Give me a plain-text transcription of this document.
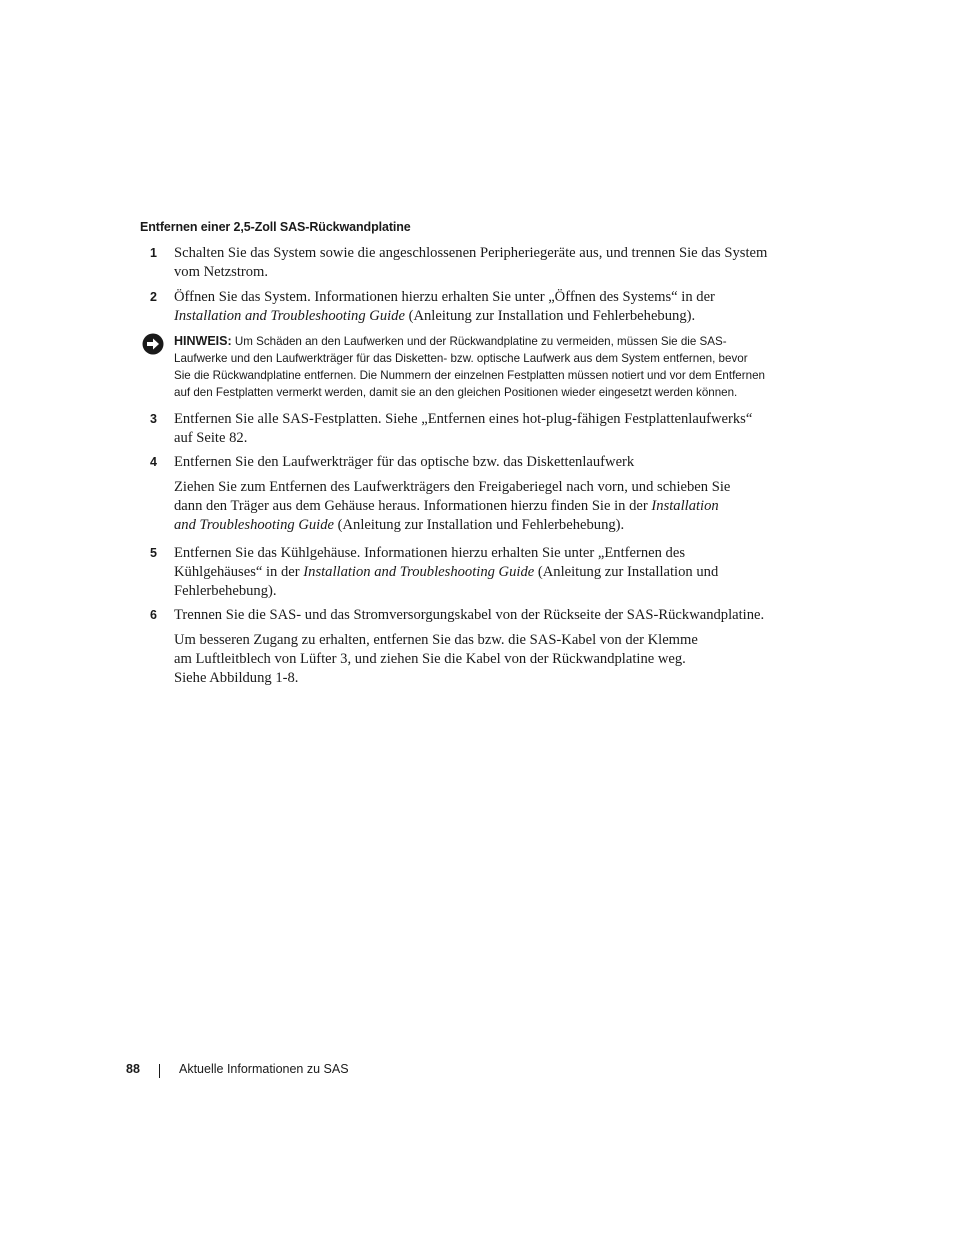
Entfernen einer 2,5-Zoll SAS-Rückwandplatine
1 Schalten Sie das System sowie die angeschlossenen Peripheriegeräte aus, und trennen Sie das System
vom Netzstrom.
2 Öffnen Sie das System. Informationen hierzu erhalten Sie unter „Öffnen des Systems“ in der
Installation and Troubleshooting Guide (Anleitung zur Installation und Fehlerbehebung).
HINWEIS: Um Schäden an den Laufwerken und der Rückwandplatine zu vermeiden, müssen Sie die SAS-
Laufwerke und den Laufwerkträger für das Disketten- bzw. optische Laufwerk aus dem System entfernen, bevor
Sie die Rückwandplatine entfernen. Die Nummern der einzelnen Festplatten müssen notiert und vor dem Entfernen
auf den Festplatten vermerkt werden, damit sie an den gleichen Positionen wieder eingesetzt werden können.
3 Entfernen Sie alle SAS-Festplatten. Siehe „Entfernen eines hot-plug-fähigen Festplattenlaufwerks“
auf Seite 82.
4 Entfernen Sie den Laufwerkträger für das optische bzw. das Diskettenlaufwerk
Ziehen Sie zum Entfernen des Laufwerkträgers den Freigaberiegel nach vorn, und schieben Sie
dann den Träger aus dem Gehäuse heraus. Informationen hierzu finden Sie in der Installation
and Troubleshooting Guide (Anleitung zur Installation und Fehlerbehebung).
5 Entfernen Sie das Kühlgehäuse. Informationen hierzu erhalten Sie unter „Entfernen des
Kühlgehäuses“ in der Installation and Troubleshooting Guide (Anleitung zur Installation und
Fehlerbehebung).
6 Trennen Sie die SAS- und das Stromversorgungskabel von der Rückseite der SAS-Rückwandplatine.
Um besseren Zugang zu erhalten, entfernen Sie das bzw. die SAS-Kabel von der Klemme
am Luftleitblech von Lüfter 3, und ziehen Sie die Kabel von der Rückwandplatine weg.
Siehe Abbildung 1-8.
88	Aktuelle Informationen zu SAS
